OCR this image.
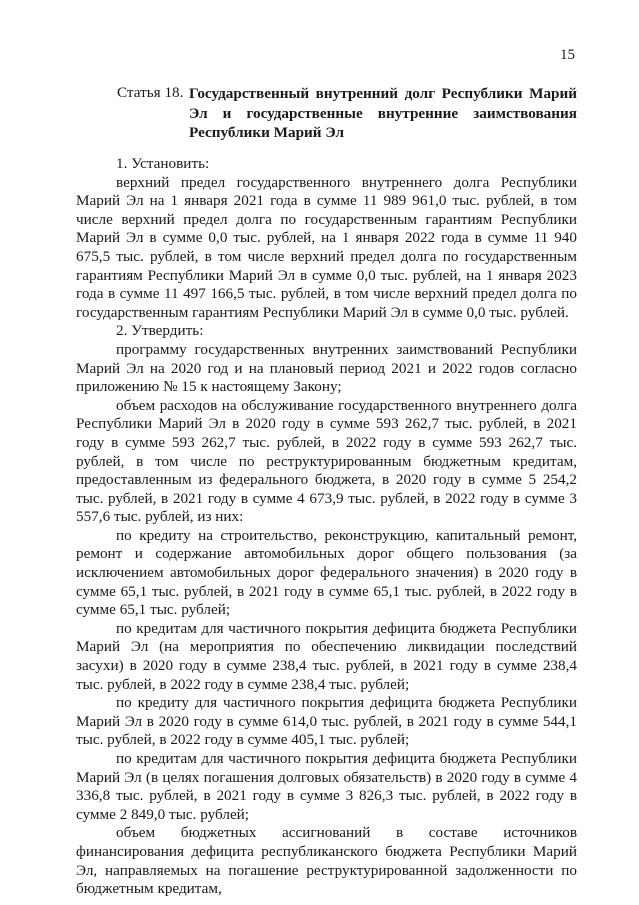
15
Статья 18. Государственный внутренний долг Республики Марий Эл и государственные внутренние заимствования Республики Марий Эл

1. Установить:

верхний предел государственного внутреннего долга Республики Марий Эл на 1 января 2021 года в сумме 11 989 961,0 тыс. рублей, в том числе верхний предел долга по государственным гарантиям Республики Марий Эл в сумме 0,0 тыс. рублей, на 1 января 2022 года в сумме 11 940 675,5 тыс. рублей, в том числе верхний предел долга по государственным гарантиям Республики Марий Эл в сумме 0,0 тыс. рублей, на 1 января 2023 года в сумме 11 497 166,5 тыс. рублей, в том числе верхний предел долга по государственным гарантиям Республики Марий Эл в сумме 0,0 тыс. рублей.

2. Утвердить:

программу государственных внутренних заимствований Республики Марий Эл на 2020 год и на плановый период 2021 и 2022 годов согласно приложению № 15 к настоящему Закону;

объем расходов на обслуживание государственного внутреннего долга Республики Марий Эл в 2020 году в сумме 593 262,7 тыс. рублей, в 2021 году в сумме 593 262,7 тыс. рублей, в 2022 году в сумме 593 262,7 тыс. рублей, в том числе по реструктурированным бюджетным кредитам, предоставленным из федерального бюджета, в 2020 году в сумме 5 254,2 тыс. рублей, в 2021 году в сумме 4 673,9 тыс. рублей, в 2022 году в сумме 3 557,6 тыс. рублей, из них:

по кредиту на строительство, реконструкцию, капитальный ремонт, ремонт и содержание автомобильных дорог общего пользования (за исключением автомобильных дорог федерального значения) в 2020 году в сумме 65,1 тыс. рублей, в 2021 году в сумме 65,1 тыс. рублей, в 2022 году в сумме 65,1 тыс. рублей;

по кредитам для частичного покрытия дефицита бюджета Республики Марий Эл (на мероприятия по обеспечению ликвидации последствий засухи) в 2020 году в сумме 238,4 тыс. рублей, в 2021 году в сумме 238,4 тыс. рублей, в 2022 году в сумме 238,4 тыс. рублей;

по кредиту для частичного покрытия дефицита бюджета Республики Марий Эл в 2020 году в сумме 614,0 тыс. рублей, в 2021 году в сумме 544,1 тыс. рублей, в 2022 году в сумме 405,1 тыс. рублей;

по кредитам для частичного покрытия дефицита бюджета Республики Марий Эл (в целях погашения долговых обязательств) в 2020 году в сумме 4 336,8 тыс. рублей, в 2021 году в сумме 3 826,3 тыс. рублей, в 2022 году в сумме 2 849,0 тыс. рублей;

объем бюджетных ассигнований в составе источников финансирования дефицита республиканского бюджета Республики Марий Эл, направляемых на погашение реструктурированной задолженности по бюджетным кредитам,
